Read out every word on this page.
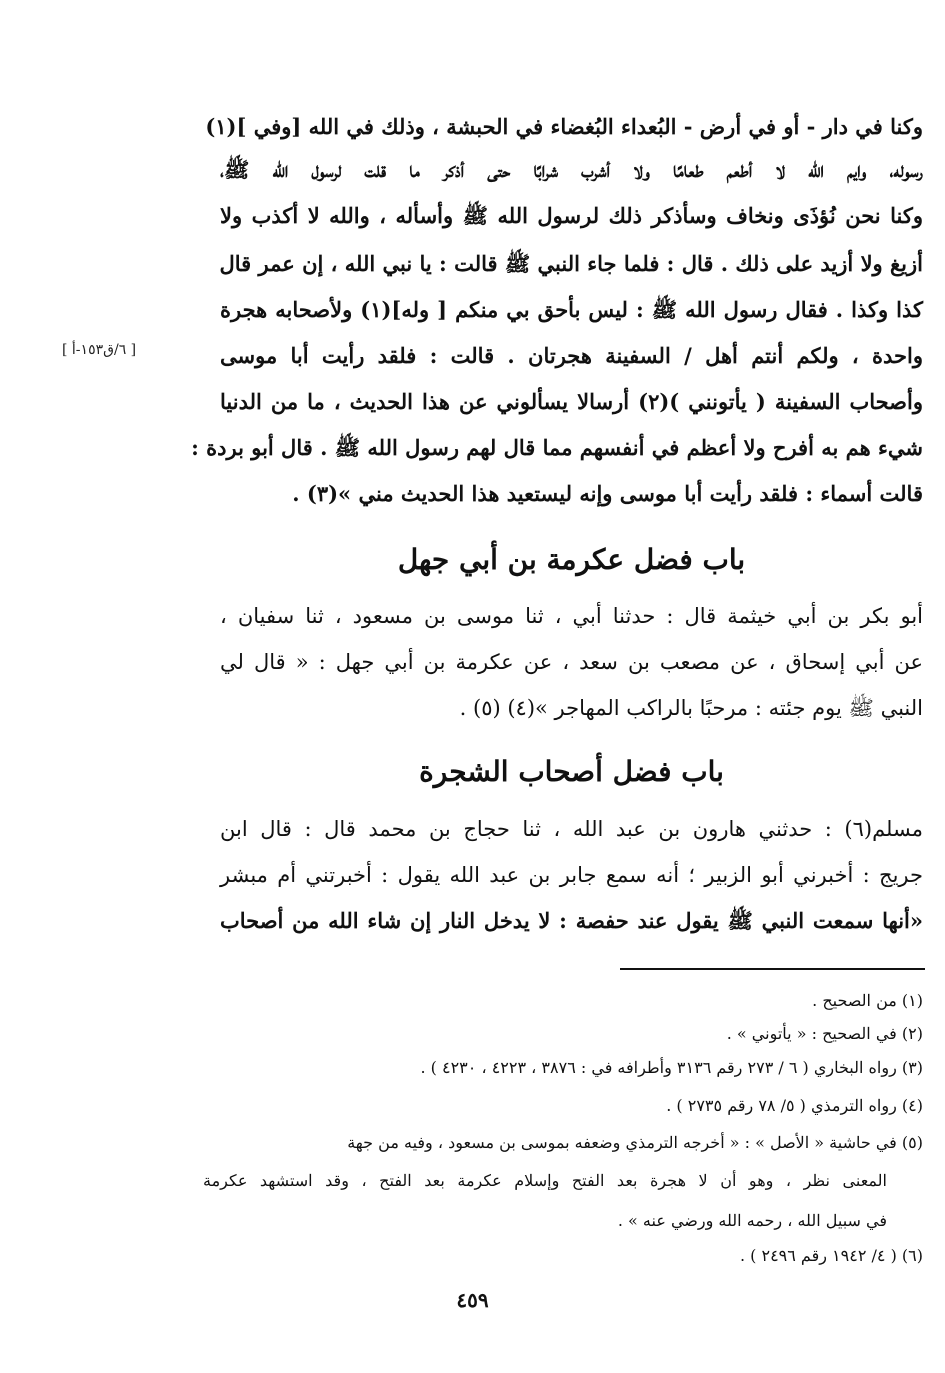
وكنا في دار - أو في أرض - البُعداء البُغضاء في الحبشة ، وذلك في الله [وفي ](١)
رسوله، وايم الله لا أطعم طعامًا ولا أشرب شرابًا حتى أذكر ما قلت لرسول الله ﷺ،
وكنا نحن نُؤذَى ونخاف وسأذكر ذلك لرسول الله ﷺ وأسأله ، والله لا أكذب ولا
أزيغ ولا أزيد على ذلك . قال : فلما جاء النبي ﷺ قالت : يا نبي الله ، إن عمر قال
كذا وكذا . فقال رسول الله ﷺ : ليس بأحق بي منكم [ وله](١) ولأصحابه هجرة
واحدة ، ولكم أنتم أهل / السفينة هجرتان . قالت : فلقد رأيت أبا موسى
وأصحاب السفينة ( يأتونني )(٢) أرسالا يسألوني عن هذا الحديث ، ما من الدنيا
شيء هم به أفرح ولا أعظم في أنفسهم مما قال لهم رسول الله ﷺ . قال أبو بردة :
قالت أسماء : فلقد رأيت أبا موسى وإنه ليستعيد هذا الحديث مني »(٣) .
[ ٦/ق١٥٣-أ ]
باب فضل عكرمة بن أبي جهل
أبو بكر بن أبي خيثمة قال : حدثنا أبي ، ثنا موسى بن مسعود ، ثنا سفيان ،
عن أبي إسحاق ، عن مصعب بن سعد ، عن عكرمة بن أبي جهل : « قال لي
النبي ﷺ يوم جئته : مرحبًا بالراكب المهاجر »(٤) (٥) .
باب فضل أصحاب الشجرة
مسلم(٦) : حدثني هارون بن عبد الله ، ثنا حجاج بن محمد قال : قال ابن
جريج : أخبرني أبو الزبير ؛ أنه سمع جابر بن عبد الله يقول : أخبرتني أم مبشر
«أنها سمعت النبي ﷺ يقول عند حفصة : لا يدخل النار إن شاء الله من أصحاب
(١) من الصحيح .
(٢) في الصحيح : « يأتوني » .
(٣) رواه البخاري ( ٦ / ٢٧٣ رقم ٣١٣٦ وأطرافه في : ٣٨٧٦ ، ٤٢٢٣ ، ٤٢٣٠ ) .
(٤) رواه الترمذي ( ٥/ ٧٨ رقم ٢٧٣٥ ) .
(٥) في حاشية « الأصل » : « أخرجه الترمذي وضعفه بموسى بن مسعود ، وفيه من جهة
المعنى نظر ، وهو أن لا هجرة بعد الفتح وإسلام عكرمة بعد الفتح ، وقد استشهد عكرمة
في سبيل الله ، رحمه الله ورضي عنه » .
(٦) ( ٤/ ١٩٤٢ رقم ٢٤٩٦ ) .
٤٥٩
